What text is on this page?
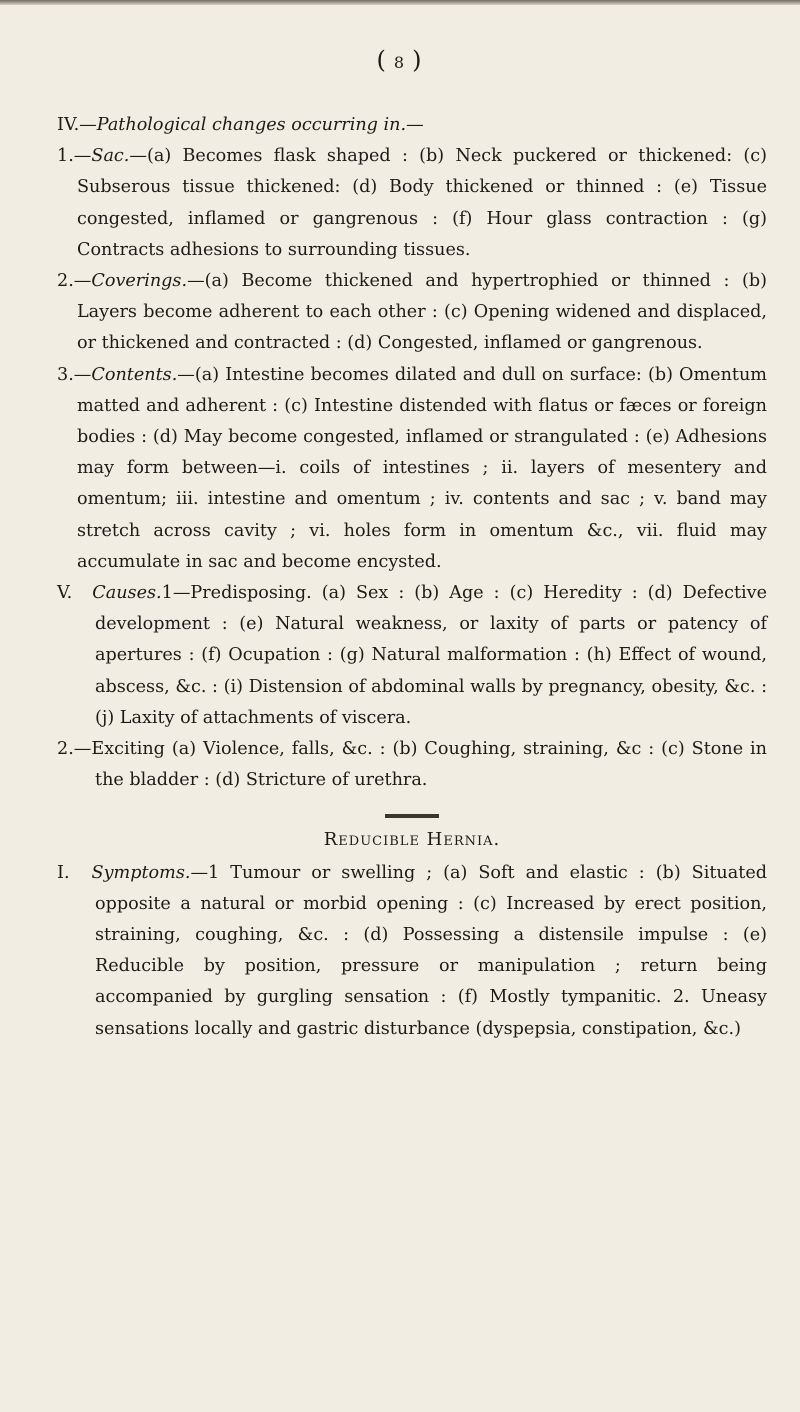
( 8 )

IV.—Pathological changes occurring in.—

1.—Sac.—(a) Becomes flask shaped : (b) Neck puckered or thickened: (c) Subserous tissue thickened: (d) Body thickened or thinned : (e) Tissue congested, inflamed or gangrenous : (f) Hour glass contraction : (g) Contracts adhesions to surrounding tissues.

2.—Coverings.—(a) Become thickened and hypertrophied or thinned : (b) Layers become adherent to each other : (c) Opening widened and displaced, or thickened and contracted : (d) Congested, inflamed or gangrenous.

3.—Contents.—(a) Intestine becomes dilated and dull on surface: (b) Omentum matted and adherent : (c) Intestine distended with flatus or fæces or foreign bodies : (d) May become congested, inflamed or strangulated : (e) Adhesions may form between—i. coils of intestines ; ii. layers of mesentery and omentum; iii. intestine and omentum ; iv. contents and sac ; v. band may stretch across cavity ; vi. holes form in omentum &c., vii. fluid may accumulate in sac and become encysted.

V. Causes.1—Predisposing. (a) Sex : (b) Age : (c) Heredity : (d) Defective development : (e) Natural weakness, or laxity of parts or patency of apertures : (f) Ocupation : (g) Natural malformation : (h) Effect of wound, abscess, &c. : (i) Distension of abdominal walls by pregnancy, obesity, &c. : (j) Laxity of attachments of viscera.

2.—Exciting (a) Violence, falls, &c. : (b) Coughing, straining, &c : (c) Stone in the bladder : (d) Stricture of urethra.

Reducible Hernia.

I. Symptoms.—1 Tumour or swelling ; (a) Soft and elastic : (b) Situated opposite a natural or morbid opening : (c) Increased by erect position, straining, coughing, &c. : (d) Possessing a distensile impulse : (e) Reducible by position, pressure or manipulation ; return being accompanied by gurgling sensation : (f) Mostly tympanitic. 2. Uneasy sensations locally and gastric disturbance (dyspepsia, constipation, &c.)
